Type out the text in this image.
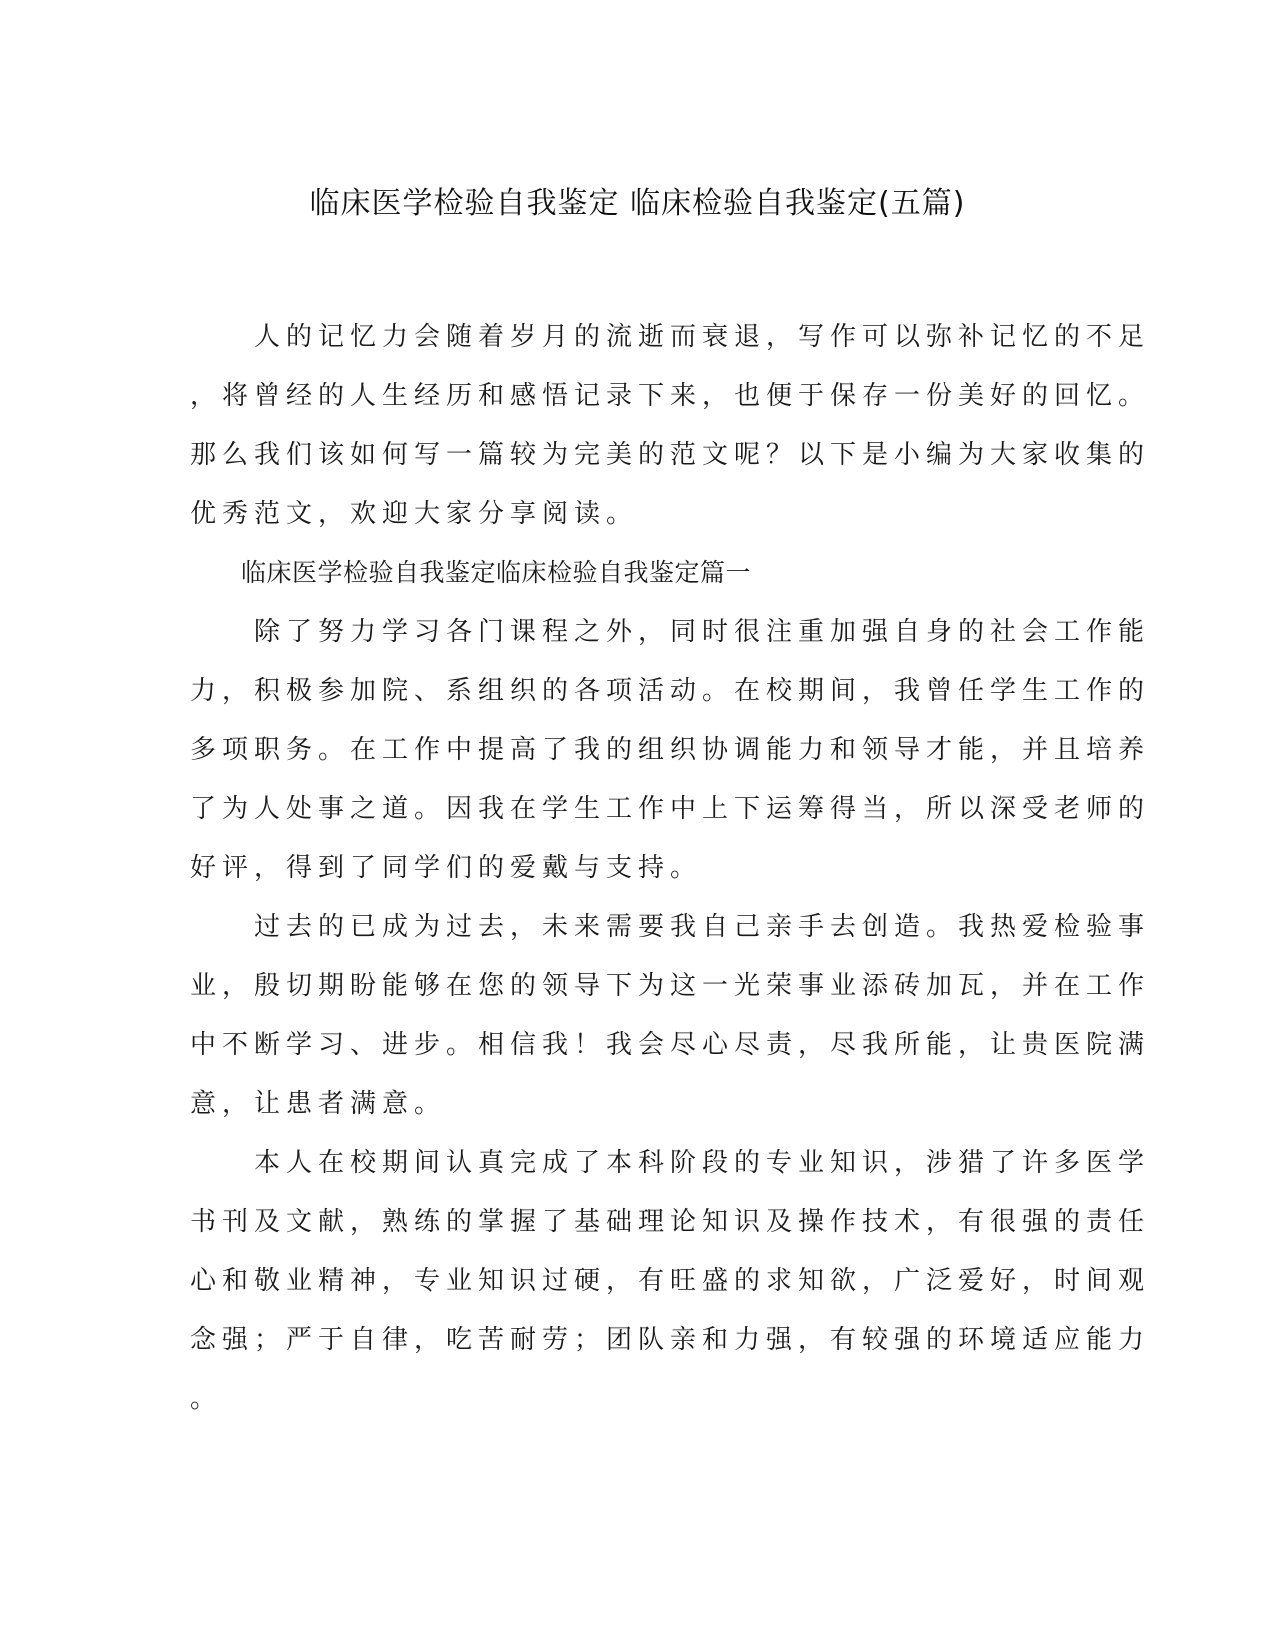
临床医学检验自我鉴定 临床检验自我鉴定(五篇)
　　人的记忆力会随着岁月的流逝而衰退，写作可以弥补记忆的不足
，将曾经的人生经历和感悟记录下来，也便于保存一份美好的回忆。
那么我们该如何写一篇较为完美的范文呢？以下是小编为大家收集的
优秀范文，欢迎大家分享阅读。
　　临床医学检验自我鉴定临床检验自我鉴定篇一
　　除了努力学习各门课程之外，同时很注重加强自身的社会工作能
力，积极参加院、系组织的各项活动。在校期间，我曾任学生工作的
多项职务。在工作中提高了我的组织协调能力和领导才能，并且培养
了为人处事之道。因我在学生工作中上下运筹得当，所以深受老师的
好评，得到了同学们的爱戴与支持。
　　过去的已成为过去，未来需要我自己亲手去创造。我热爱检验事
业，殷切期盼能够在您的领导下为这一光荣事业添砖加瓦，并在工作
中不断学习、进步。相信我！我会尽心尽责，尽我所能，让贵医院满
意，让患者满意。
　　本人在校期间认真完成了本科阶段的专业知识，涉猎了许多医学
书刊及文献，熟练的掌握了基础理论知识及操作技术，有很强的责任
心和敬业精神，专业知识过硬，有旺盛的求知欲，广泛爱好，时间观
念强；严于自律，吃苦耐劳；团队亲和力强，有较强的环境适应能力
。
